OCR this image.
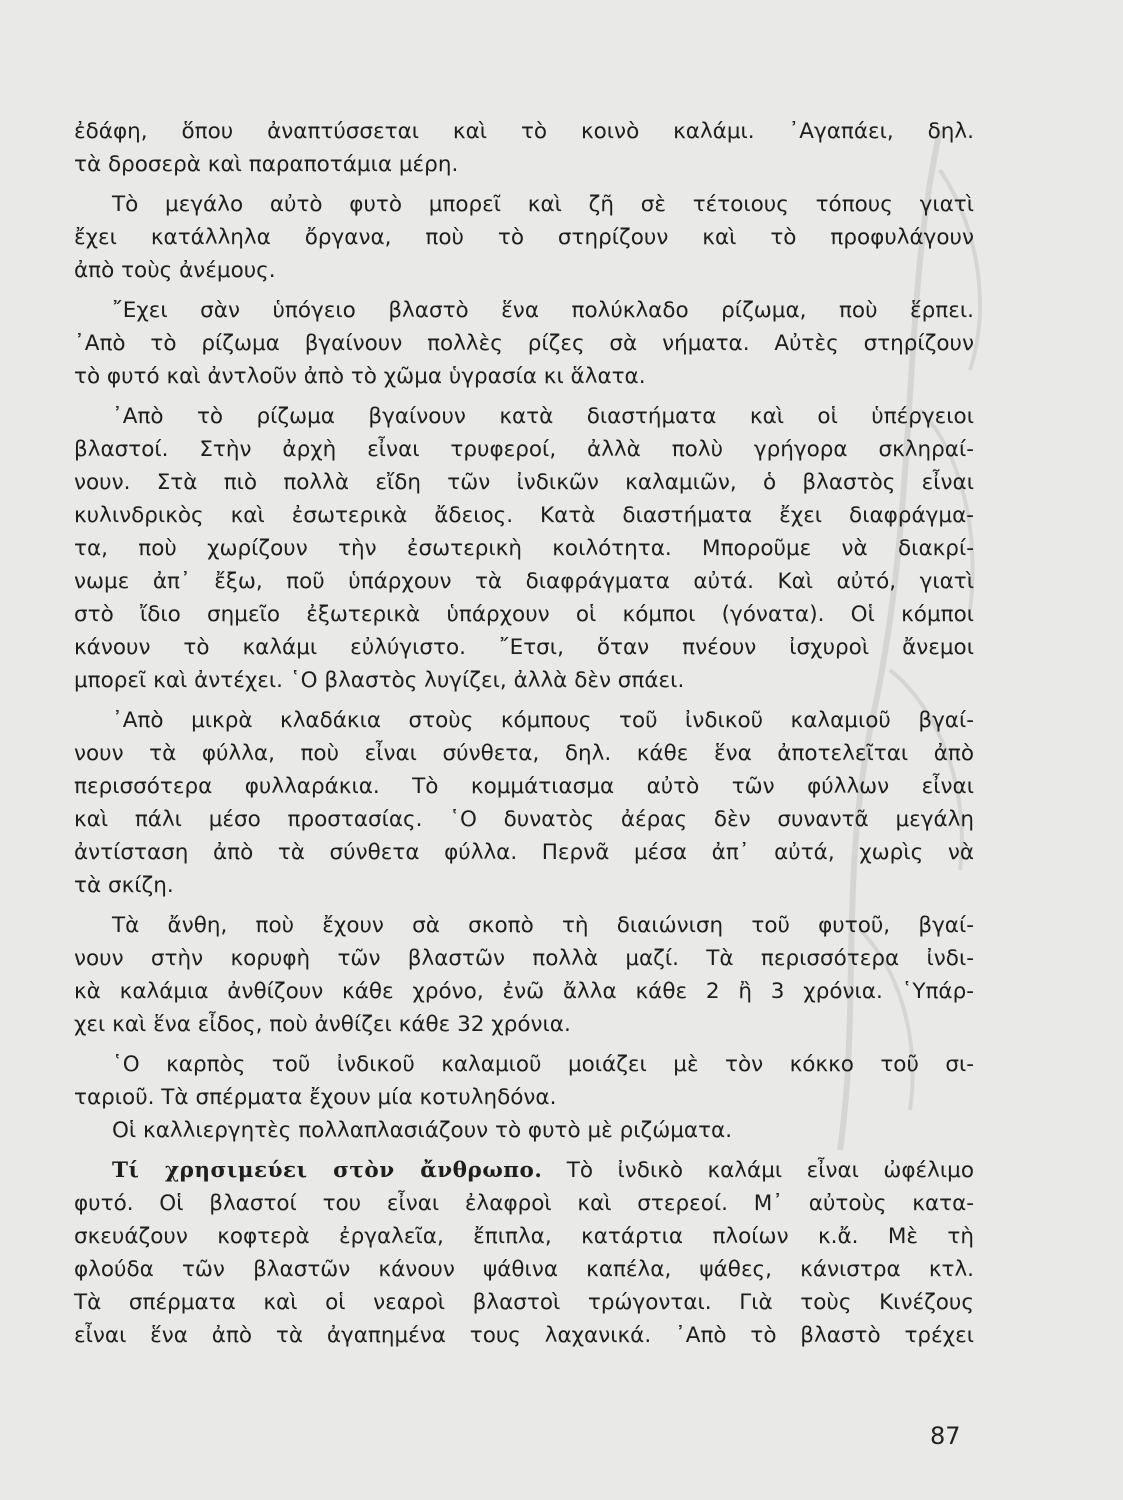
ἐδάφη, ὅπου ἀναπτύσσεται καὶ τὸ κοινὸ καλάμι. ᾿Αγαπάει, δηλ.
τὰ δροσερὰ καὶ παραποτάμια μέρη.
Τὸ μεγάλο αὐτὸ φυτὸ μπορεῖ καὶ ζῆ σὲ τέτοιους τόπους γιατὶ
ἔχει κατάλληλα ὄργανα, ποὺ τὸ στηρίζουν καὶ τὸ προφυλάγουν
ἀπὸ τοὺς ἀνέμους.
῎Εχει σὰν ὑπόγειο βλαστὸ ἕνα πολύκλαδο ρίζωμα, ποὺ ἕρπει.
᾿Απὸ τὸ ρίζωμα βγαίνουν πολλὲς ρίζες σὰ νήματα. Αὐτὲς στηρίζουν
τὸ φυτό καὶ ἀντλοῦν ἀπὸ τὸ χῶμα ὑγρασία κι ἅλατα.
᾿Απὸ τὸ ρίζωμα βγαίνουν κατὰ διαστήματα καὶ οἱ ὑπέργειοι
βλαστοί. Στὴν ἀρχὴ εἶναι τρυφεροί, ἀλλὰ πολὺ γρήγορα σκληραί-
νουν. Στὰ πιὸ πολλὰ εἴδη τῶν ἰνδικῶν καλαμιῶν, ὁ βλαστὸς εἶναι
κυλινδρικὸς καὶ ἐσωτερικὰ ἄδειος. Κατὰ διαστήματα ἔχει διαφράγμα-
τα, ποὺ χωρίζουν τὴν ἐσωτερικὴ κοιλότητα. Μποροῦμε νὰ διακρί-
νωμε ἀπ᾿ ἔξω, ποῦ ὑπάρχουν τὰ διαφράγματα αὐτά. Καὶ αὐτό, γιατὶ
στὸ ἴδιο σημεῖο ἐξωτερικὰ ὑπάρχουν οἱ κόμποι (γόνατα). Οἱ κόμποι
κάνουν τὸ καλάμι εὐλύγιστο. ῎Ετσι, ὅταν πνέουν ἰσχυροὶ ἄνεμοι
μπορεῖ καὶ ἀντέχει. ῾Ο βλαστὸς λυγίζει, ἀλλὰ δὲν σπάει.
᾿Απὸ μικρὰ κλαδάκια στοὺς κόμπους τοῦ ἰνδικοῦ καλαμιοῦ βγαί-
νουν τὰ φύλλα, ποὺ εἶναι σύνθετα, δηλ. κάθε ἕνα ἀποτελεῖται ἀπὸ
περισσότερα φυλλαράκια. Τὸ κομμάτιασμα αὐτὸ τῶν φύλλων εἶναι
καὶ πάλι μέσο προστασίας. ῾Ο δυνατὸς ἀέρας δὲν συναντᾶ μεγάλη
ἀντίσταση ἀπὸ τὰ σύνθετα φύλλα. Περνᾶ μέσα ἀπ᾿ αὐτά, χωρὶς νὰ
τὰ σκίζη.
Τὰ ἄνθη, ποὺ ἔχουν σὰ σκοπὸ τὴ διαιώνιση τοῦ φυτοῦ, βγαί-
νουν στὴν κορυφὴ τῶν βλαστῶν πολλὰ μαζί. Τὰ περισσότερα ἰνδι-
κὰ καλάμια ἀνθίζουν κάθε χρόνο, ἐνῶ ἄλλα κάθε 2 ἢ 3 χρόνια. ῾Υπάρ-
χει καὶ ἕνα εἶδος, ποὺ ἀνθίζει κάθε 32 χρόνια.
῾Ο καρπὸς τοῦ ἰνδικοῦ καλαμιοῦ μοιάζει μὲ τὸν κόκκο τοῦ σι-
ταριοῦ. Τὰ σπέρματα ἔχουν μία κοτυληδόνα.
Οἱ καλλιεργητὲς πολλαπλασιάζουν τὸ φυτὸ μὲ ριζώματα.
Τί χρησιμεύει στὸν ἄνθρωπο. Τὸ ἰνδικὸ καλάμι εἶναι ὠφέλιμο
φυτό. Οἱ βλαστοί του εἶναι ἐλαφροὶ καὶ στερεοί. Μ᾿ αὐτοὺς κατα-
σκευάζουν κοφτερὰ ἐργαλεῖα, ἔπιπλα, κατάρτια πλοίων κ.ἄ. Μὲ τὴ
φλούδα τῶν βλαστῶν κάνουν ψάθινα καπέλα, ψάθες, κάνιστρα κτλ.
Τὰ σπέρματα καὶ οἱ νεαροὶ βλαστοὶ τρώγονται. Γιὰ τοὺς Κινέζους
εἶναι ἕνα ἀπὸ τὰ ἀγαπημένα τους λαχανικά. ᾿Απὸ τὸ βλαστὸ τρέχει
87
